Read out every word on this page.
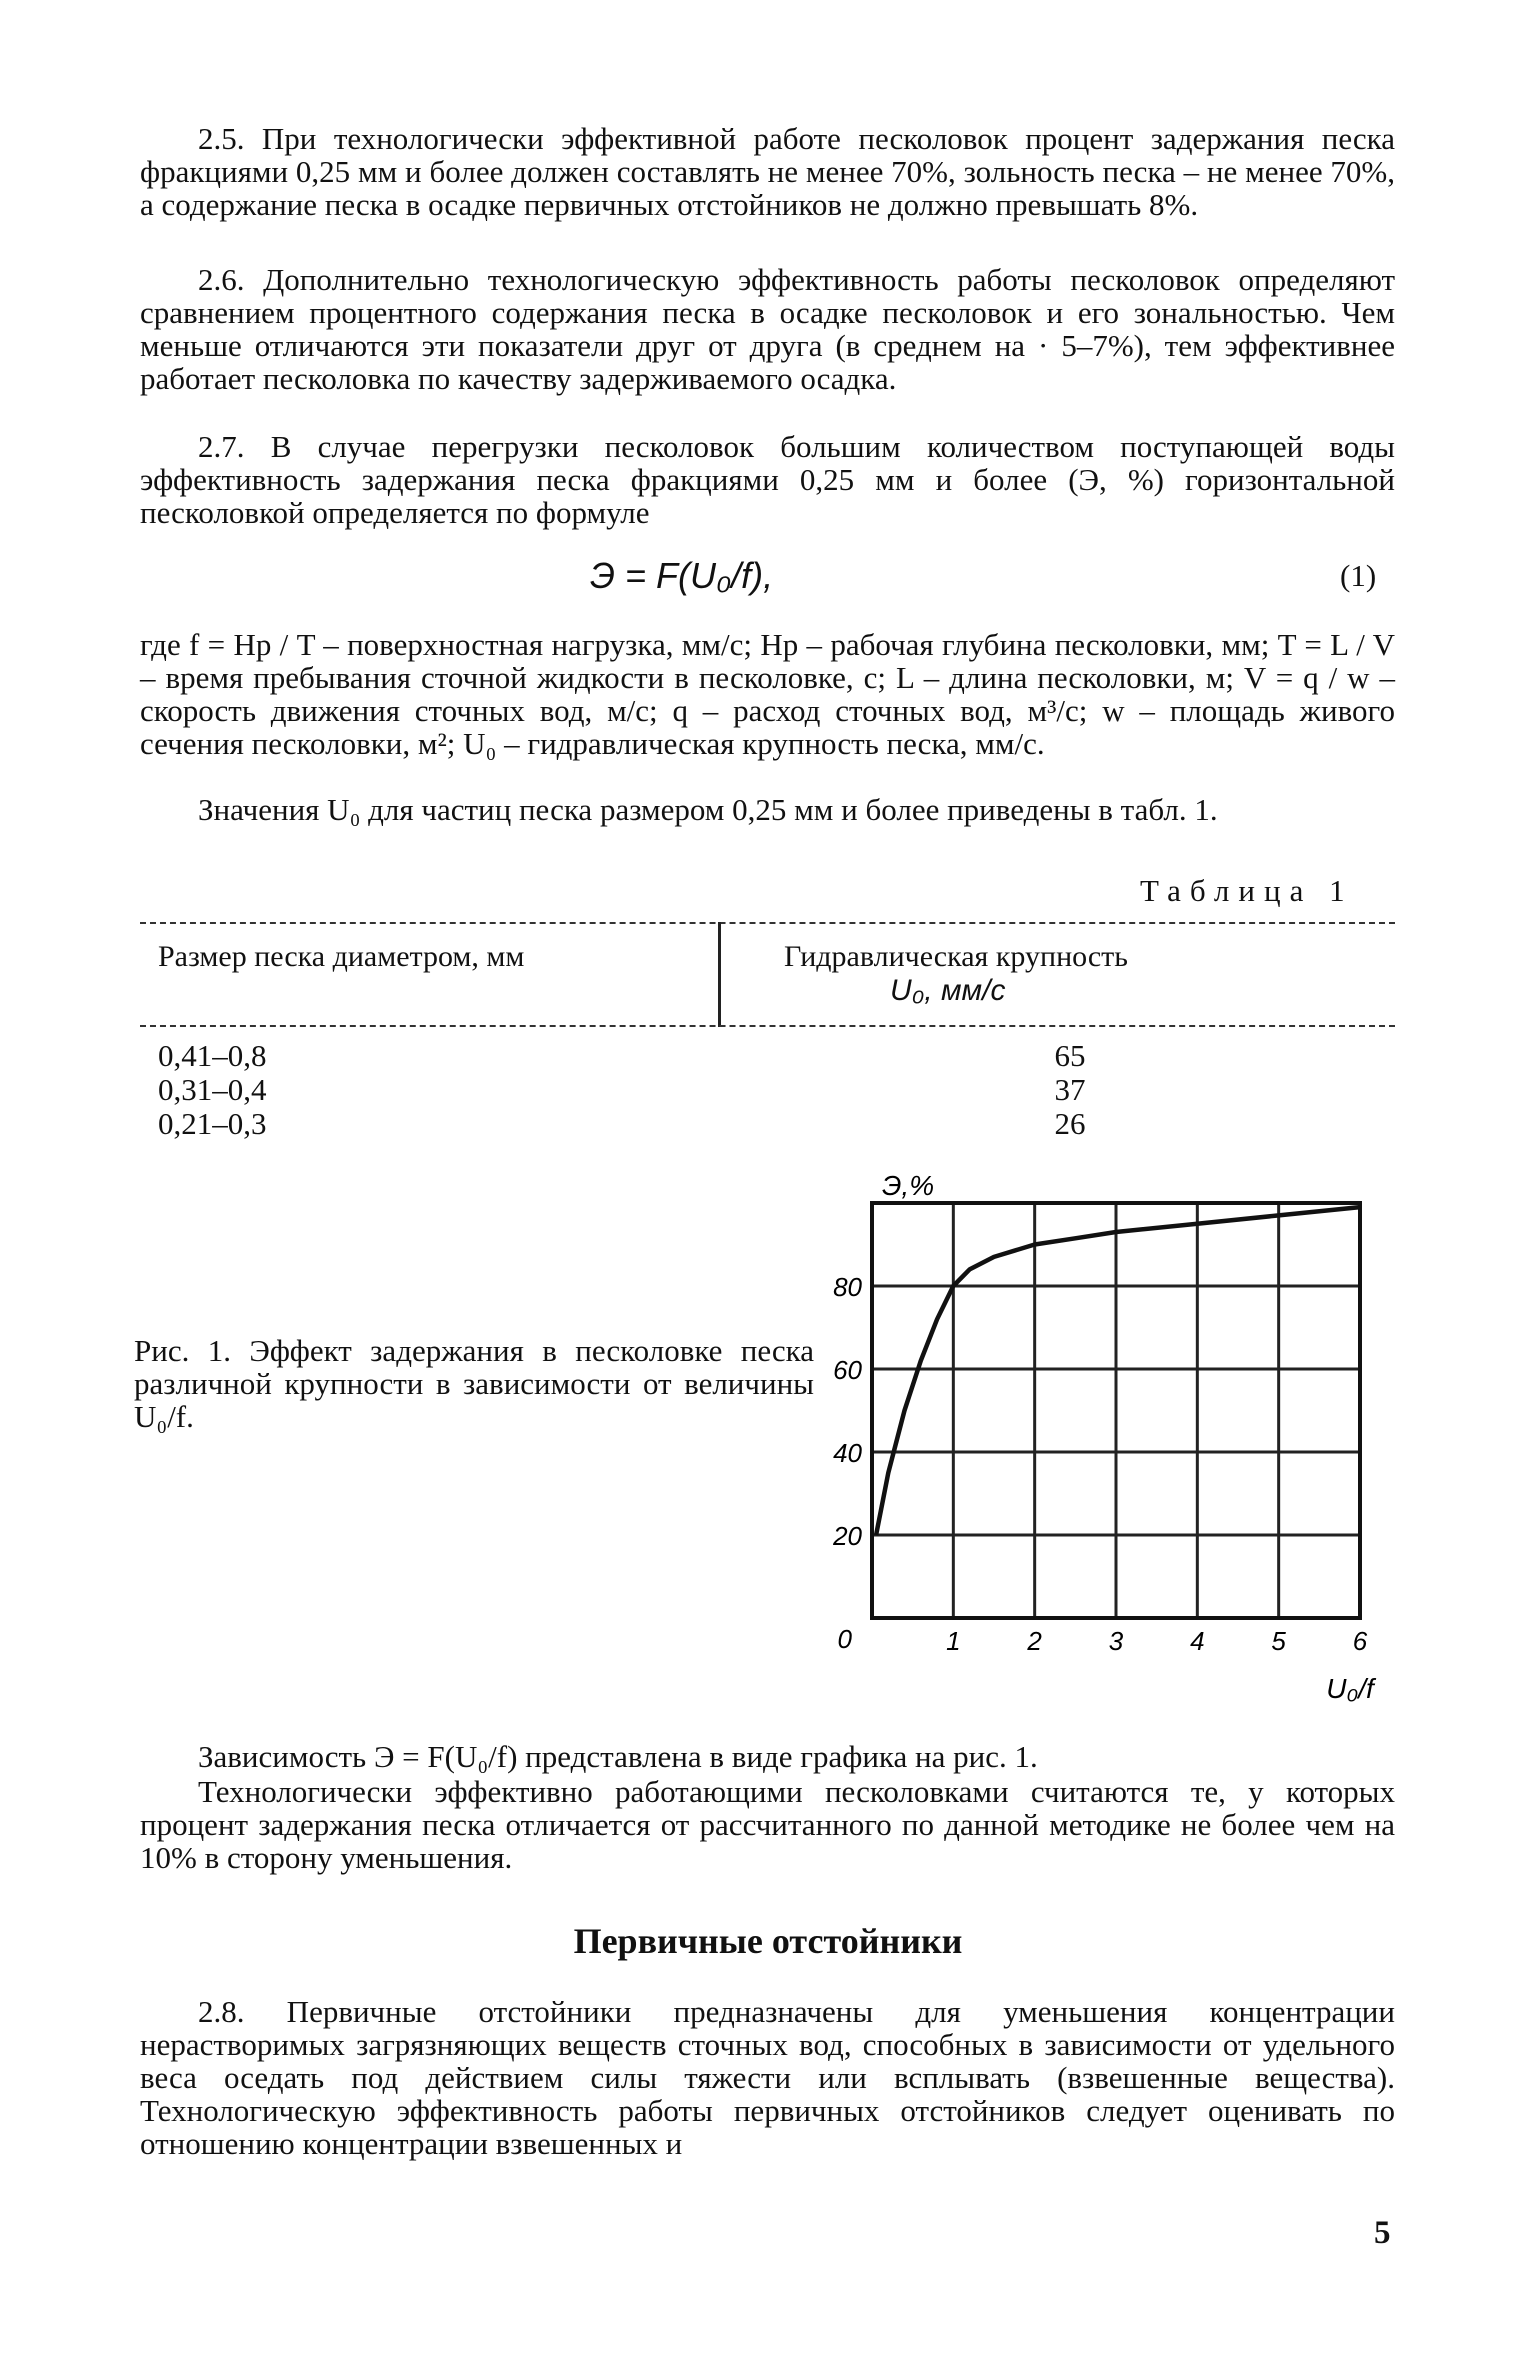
2.5. При технологически эффективной работе песколовок процент задержания песка фракциями 0,25 мм и более должен составлять не менее 70%, зольность песка – не менее 70%, а содержание песка в осадке первичных отстойников не должно превышать 8%.

2.6. Дополнительно технологическую эффективность работы песколовок определяют сравнением процентного содержания песка в осадке песколовок и его зональностью. Чем меньше отличаются эти показатели друг от друга (в среднем на · 5–7%), тем эффективнее работает песколовка по качеству задерживаемого осадка.

2.7. В случае перегрузки песколовок большим количеством поступающей воды эффективность задержания песка фракциями 0,25 мм и более (Э, %) горизонтальной песколовкой определяется по формуле

Э = F(U₀/f),	(1)

где f = Hр / T – поверхностная нагрузка, мм/с; Hр – рабочая глубина песколовки, мм; T = L / V – время пребывания сточной жидкости в песколовке, с; L – длина песколовки, м; V = q / w – скорость движения сточных вод, м/с; q – расход сточных вод, м³/с; w – площадь живого сечения песколовки, м²; U₀ – гидравлическая крупность песка, мм/с.

Значения U₀ для частиц песка размером 0,25 мм и более приведены в табл. 1.

Таблица 1
Размер песка диаметром, мм	Гидравлическая крупность
U₀, мм/с
0,41–0,8	65
0,31–0,4	37
0,21–0,3	26

Рис. 1. Эффект задержания в песколовке песка различной крупности в зависимости от величины U₀/f.

20
40
60
80
0	1	2	3	4	5	6
Э,%
U₀/f

Зависимость Э = F(U₀/f) представлена в виде графика на рис. 1.

Технологически эффективно работающими песколовками считаются те, у которых процент задержания песка отличается от рассчитанного по данной методике не более чем на 10% в сторону уменьшения.

Первичные отстойники

2.8. Первичные отстойники предназначены для уменьшения концентрации нерастворимых загрязняющих веществ сточных вод, способных в зависимости от удельного веса оседать под действием силы тяжести или всплывать (взвешенные вещества). Технологическую эффективность работы первичных отстойников следует оценивать по отношению концентрации взвешенных и

5
